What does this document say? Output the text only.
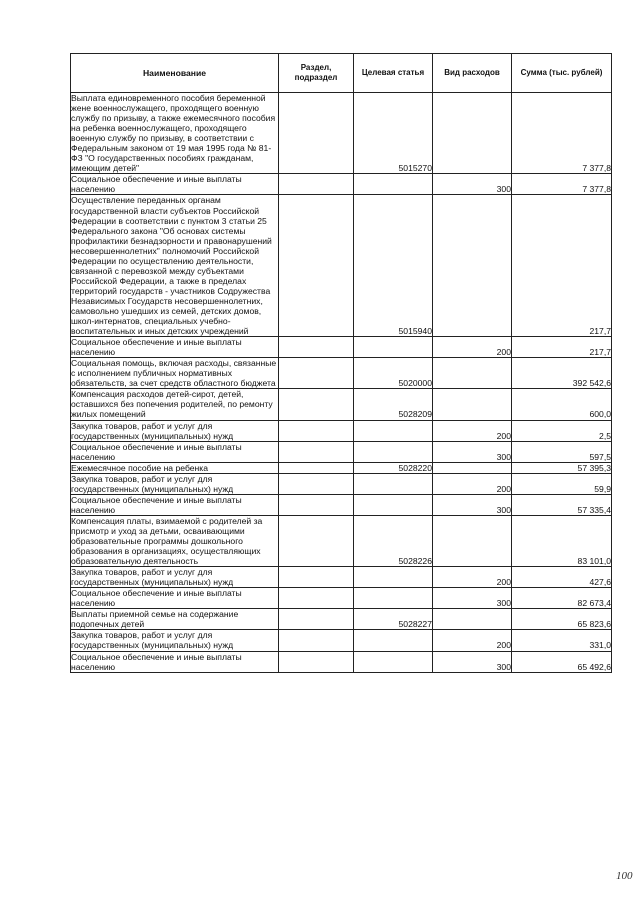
Наименование	Раздел, подраздел	Целевая статья	Вид расходов	Сумма (тыс. рублей)
Выплата единовременного пособия беременной жене военнослужащего, проходящего военную службу по призыву, а также ежемесячного пособия на ребенка военнослужащего, проходящего военную службу по призыву, в соответствии с Федеральным законом от 19 мая 1995 года № 81-ФЗ "О государственных пособиях гражданам, имеющим детей"		5015270		7 377,8
Социальное обеспечение и иные выплаты населению			300	7 377,8
Осуществление переданных органам государственной власти субъектов Российской Федерации в соответствии с пунктом 3 статьи 25 Федерального закона "Об основах системы профилактики безнадзорности и правонарушений несовершеннолетних" полномочий Российской Федерации по осуществлению деятельности, связанной с перевозкой между субъектами Российской Федерации, а также в пределах территорий государств - участников Содружества Независимых Государств несовершеннолетних, самовольно ушедших из семей, детских домов, школ-интернатов, специальных учебно-воспитательных и иных детских учреждений		5015940		217,7
Социальное обеспечение и иные выплаты населению			200	217,7
Социальная помощь, включая расходы, связанные с исполнением публичных нормативных обязательств, за счет средств областного бюджета		5020000		392 542,6
Компенсация расходов детей-сирот, детей, оставшихся без попечения родителей, по ремонту жилых помещений		5028209		600,0
Закупка товаров, работ и услуг для государственных (муниципальных) нужд			200	2,5
Социальное обеспечение и иные выплаты населению			300	597,5
Ежемесячное пособие на ребенка		5028220		57 395,3
Закупка товаров, работ и услуг для государственных (муниципальных) нужд			200	59,9
Социальное обеспечение и иные выплаты населению			300	57 335,4
Компенсация платы, взимаемой с родителей за присмотр и уход за детьми, осваивающими образовательные программы дошкольного образования в организациях, осуществляющих образовательную деятельность		5028226		83 101,0
Закупка товаров, работ и услуг для государственных (муниципальных) нужд			200	427,6
Социальное обеспечение и иные выплаты населению			300	82 673,4
Выплаты приемной семье на содержание подопечных детей		5028227		65 823,6
Закупка товаров, работ и услуг для государственных (муниципальных) нужд			200	331,0
Социальное обеспечение и иные выплаты населению			300	65 492,6
100
